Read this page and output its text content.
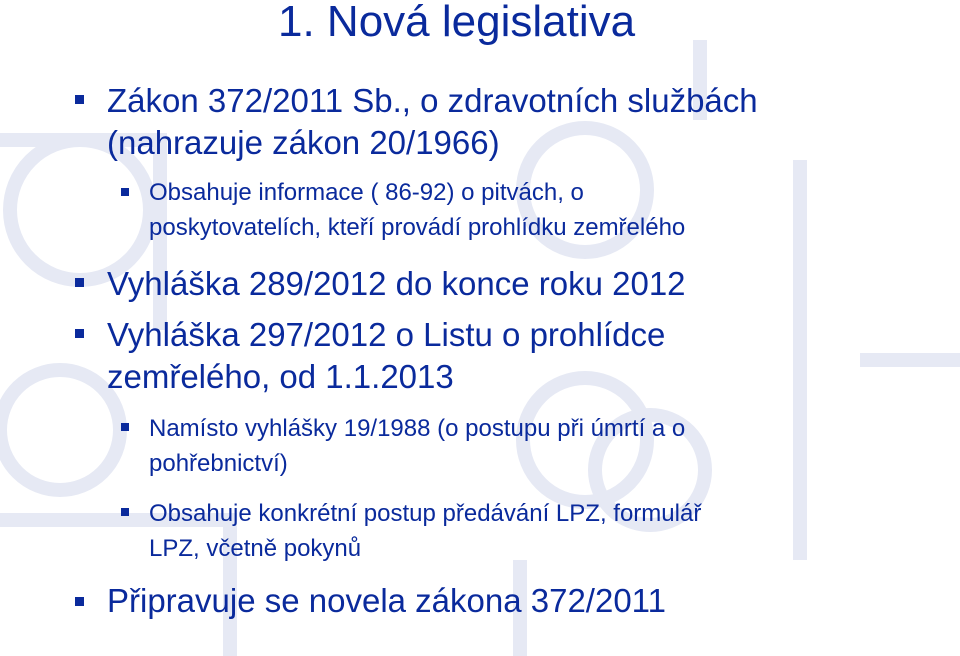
1. Nová legislativa
Zákon 372/2011 Sb., o zdravotních službách
(nahrazuje zákon 20/1966)
Obsahuje informace ( 86-92) o pitvách, o
poskytovatelích, kteří provádí prohlídku zemřelého
Vyhláška 289/2012 do konce roku 2012
Vyhláška 297/2012 o Listu o prohlídce
zemřelého, od 1.1.2013
Namísto vyhlášky 19/1988 (o postupu při úmrtí a o
pohřebnictví)
Obsahuje konkrétní postup předávání LPZ, formulář
LPZ, včetně pokynů
Připravuje se novela zákona 372/2011
